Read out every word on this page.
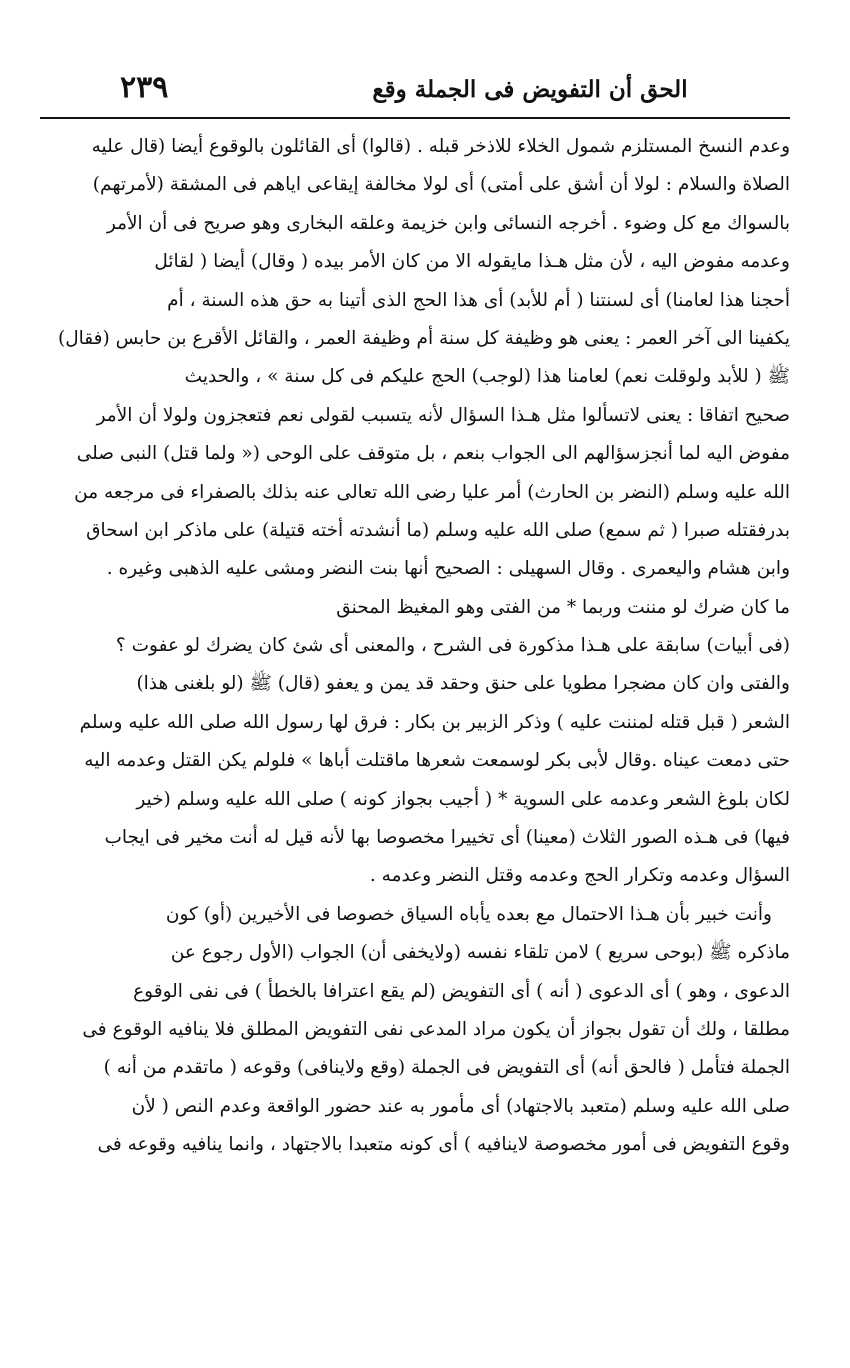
الحق أن التفويض فى الجملة وقع
٢٣٩
وعدم النسخ المستلزم شمول الخلاء للاذخر قبله . (قالوا) أى القائلون بالوقوع أيضا (قال عليه
الصلاة والسلام : لولا أن أشق على أمتى) أى لولا مخالفة إيقاعى اياهم فى المشقة (لأمرتهم)
بالسواك مع كل وضوء . أخرجه النسائى وابن خزيمة وعلقه البخارى وهو صريح فى أن الأمر
وعدمه مفوض اليه ، لأن مثل هـذا مايقوله الا من كان الأمر بيده ( وقال) أيضا ( لقائل
أحجنا هذا لعامنا) أى لسنتنا ( أم للأبد) أى هذا الحج الذى أتينا به حق هذه السنة ، أم
يكفينا الى آخر العمر : يعنى هو وظيفة كل سنة أم وظيفة العمر ، والقائل الأقرع بن حابس (فقال)
ﷺ ( للأبد ولوقلت نعم) لعامنا هذا (لوجب) الحج عليكم فى كل سنة » ، والحديث
صحيح اتفاقا : يعنى لاتسألوا مثل هـذا السؤال لأنه يتسبب لقولى نعم فتعجزون ولولا أن الأمر
مفوض اليه لما أنجزسؤالهم الى الجواب بنعم ، بل متوقف على الوحى (« ولما قتل) النبى صلى
الله عليه وسلم (النضر بن الحارث) أمر عليا رضى الله تعالى عنه بذلك بالصفراء فى مرجعه من
بدرفقتله صبرا ( ثم سمع) صلى الله عليه وسلم (ما أنشدته أخته قتيلة) على ماذكر ابن اسحاق
وابن هشام واليعمرى . وقال السهيلى : الصحيح أنها بنت النضر ومشى عليه الذهبى وغيره .
ما كان ضرك لو مننت وربما * من الفتى وهو المغيظ المحنق
(فى أبيات) سابقة على هـذا مذكورة فى الشرح ، والمعنى أى شئ كان يضرك لو عفوت ؟
والفتى وان كان مضجرا مطويا على حنق وحقد قد يمن و يعفو (قال) ﷺ (لو بلغنى هذا)
الشعر ( قبل قتله لمننت عليه ) وذكر الزبير بن بكار : فرق لها رسول الله صلى الله عليه وسلم
حتى دمعت عيناه .وقال لأبى بكر لوسمعت شعرها ماقتلت أباها » فلولم يكن القتل وعدمه اليه
لكان بلوغ الشعر وعدمه على السوية * ( أجيب بجواز كونه ) صلى الله عليه وسلم (خير
فيها) فى هـذه الصور الثلاث (معينا) أى تخييرا مخصوصا بها لأنه قيل له أنت مخير فى ايجاب
السؤال وعدمه وتكرار الحج وعدمه وقتل النضر وعدمه .
وأنت خبير بأن هـذا الاحتمال مع بعده يأباه السياق خصوصا فى الأخيرين (أو) كون
ماذكره ﷺ (بوحى سريع ) لامن تلقاء نفسه (ولايخفى أن) الجواب (الأول رجوع عن
الدعوى ، وهو ) أى الدعوى ( أنه ) أى التفويض (لم يقع اعترافا بالخطأ ) فى نفى الوقوع
مطلقا ، ولك أن تقول بجواز أن يكون مراد المدعى نفى التفويض المطلق فلا ينافيه الوقوع فى
الجملة فتأمل ( فالحق أنه) أى التفويض فى الجملة (وقع ولاينافى) وقوعه ( ماتقدم من أنه )
صلى الله عليه وسلم (متعبد بالاجتهاد) أى مأمور به عند حضور الواقعة وعدم النص ( لأن
وقوع التفويض فى أمور مخصوصة لاينافيه ) أى كونه متعبدا بالاجتهاد ، وانما ينافيه وقوعه فى
